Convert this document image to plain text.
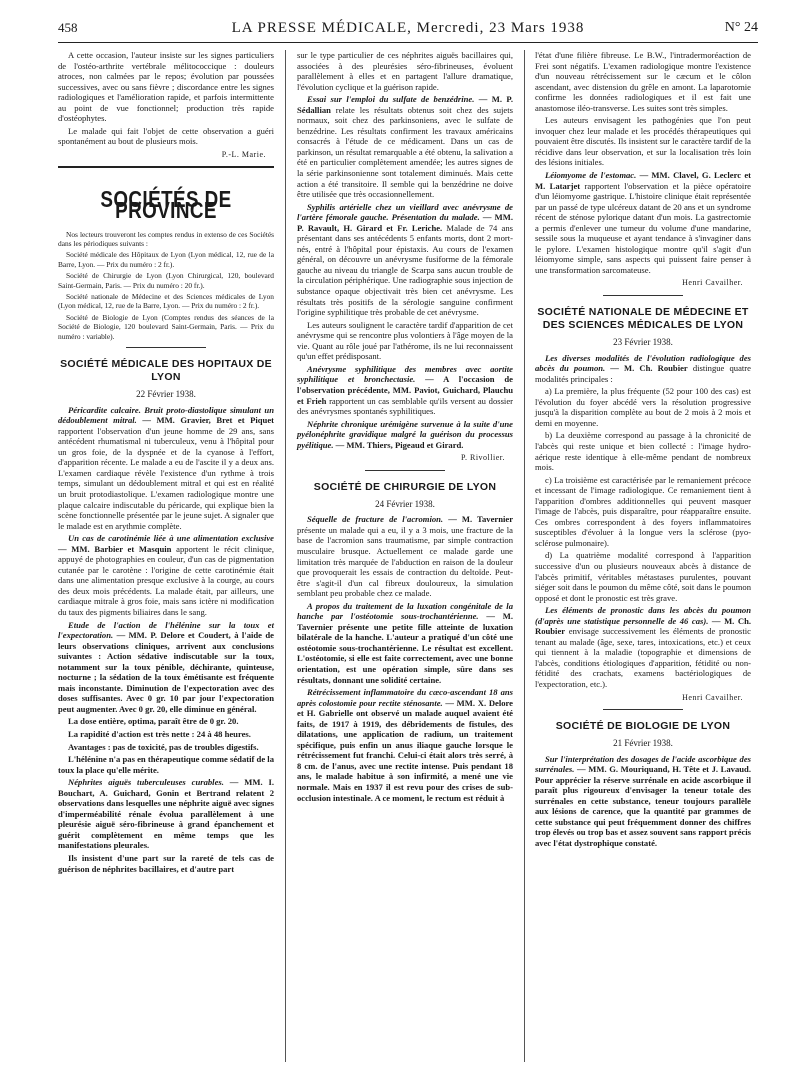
458	LA PRESSE MÉDICALE, Mercredi, 23 Mars 1938	N° 24

A cette occasion, l'auteur insiste sur les signes particuliers de l'ostéo-arthrite vertébrale mélitococcique : douleurs atroces, non calmées par le repos; évolution par poussées successives, avec ou sans fièvre ; discordance entre les signes radiologiques et l'amélioration rapide, et parfois intermittente au point de vue fonctionnel; production très rapide d'ostéophytes.

Le malade qui fait l'objet de cette observation a guéri spontanément au bout de plusieurs mois.

P.-L. Marie.
SOCIÉTÉS DE PROVINCE

Nos lecteurs trouveront les comptes rendus in extenso de ces Sociétés dans les périodiques suivants :

Société médicale des Hôpitaux de Lyon (Lyon médical, 12, rue de la Barre, Lyon. — Prix du numéro : 2 fr.).

Société de Chirurgie de Lyon (Lyon Chirurgical, 120, boulevard Saint-Germain, Paris. — Prix du numéro : 20 fr.).

Société nationale de Médecine et des Sciences médicales de Lyon (Lyon médical, 12, rue de la Barre, Lyon. — Prix du numéro : 2 fr.).

Société de Biologie de Lyon (Comptes rendus des séances de la Société de Biologie, 120 boulevard Saint-Germain, Paris. — Prix du numéro : variable).

SOCIÉTÉ MÉDICALE DES HOPITAUX DE LYON
22 Février 1938.

Péricardite calcaire. Bruit proto-diastolique simulant un dédoublement mitral. — MM. Gravier, Bret et Piquet rapportent l'observation d'un jeune homme de 29 ans, sans antécédent rhumatismal ni tuberculeux, venu à l'hôpital pour un gros foie, de la dyspnée et de la cyanose à l'effort, d'apparition récente. Le malade a eu de l'ascite il y a deux ans. L'examen cardiaque révèle l'existence d'un rythme à trois temps, simulant un dédoublement mitral et qui est en réalité un bruit protodiastolique. L'examen radiologique montre une plaque calcaire indiscutable du péricarde, qui explique bien la scène fonctionnelle présentée par le jeune sujet. A signaler que le malade est en arythmie complète.

Un cas de carotinémie liée à une alimentation exclusive — MM. Barbier et Masquin apportent le récit clinique, appuyé de photographies en couleur, d'un cas de pigmentation cutanée par le carotène : l'origine de cette carotinémie était dans une alimentation presque exclusive à la courge, au cours des deux mois précédents. La malade était, par ailleurs, une cardiaque mitrale à gros foie, mais sans ictère ni modification du taux des pigments biliaires dans le sang.

Etude de l'action de l'hélénine sur la toux et l'expectoration. — MM. P. Delore et Coudert, à l'aide de leurs observations cliniques, arrivent aux conclusions suivantes : Action sédative indiscutable sur la toux, notamment sur la toux pénible, déchirante, quinteuse, nocturne ; la sédation de la toux émétisante est fréquente mais inconstante. Diminution de l'expectoration avec des doses suffisantes. Avec 0 gr. 10 par jour l'expectoration peut augmenter. Avec 0 gr. 20, elle diminue en général.

La dose entière, optima, paraît être de 0 gr. 20.

La rapidité d'action est très nette : 24 à 48 heures.

Avantages : pas de toxicité, pas de troubles digestifs.

L'hélénine n'a pas en thérapeutique comme sédatif de la toux la place qu'elle mérite.

Néphrites aiguës tuberculeuses curables. — MM. I. Bouchart, A. Guichard, Gonin et Bertrand relatent 2 observations dans lesquelles une néphrite aiguë avec signes d'imperméabilité rénale évolua parallèlement à une pleurésie aiguë séro-fibrineuse à grand épanchement et guérit complètement en même temps que les manifestations pleurales.

Ils insistent d'une part sur la rareté de tels cas de guérison de néphrites bacillaires, et d'autre part

sur le type particulier de ces néphrites aiguës bacillaires qui, associées à des pleurésies séro-fibrineuses, évoluent parallèlement à elles et en partagent l'allure dramatique, l'évolution cyclique et la guérison rapide.

Essai sur l'emploi du sulfate de benzédrine. — M. P. Sédallian relate les résultats obtenus soit chez des sujets normaux, soit chez des parkinsoniens, avec le sulfate de benzédrine. Les résultats confirment les travaux américains consacrés à l'étude de ce médicament. Dans un cas de parkinson, un résultat remarquable a été obtenu, la salivation a été en particulier complètement amendée; les autres signes de la série parkinsonienne sont totalement diminués. Mais cette action a été transitoire. Il semble qui la benzédrine ne doive être utilisée que très occasionnellement.

Syphilis artérielle chez un vieillard avec anévrysme de l'artère fémorale gauche. Présentation du malade. — MM. P. Ravault, H. Girard et Fr. Leriche. Malade de 74 ans présentant dans ses antécédents 5 enfants morts, dont 2 mort-nés, entré à l'hôpital pour épistaxis. Au cours de l'examen général, on découvre un anévrysme fusiforme de la fémorale gauche au niveau du triangle de Scarpa sans aucun trouble de la circulation périphérique. Une radiographie sous injection de substance opaque objectivait très bien cet anévrysme. Les résultats très positifs de la sérologie sanguine confirment l'origine syphilitique très probable de cet anévrysme.

Les auteurs soulignent le caractère tardif d'apparition de cet anévrysme qui se rencontre plus volontiers à l'âge moyen de la vie. Quant au rôle joué par l'athérome, ils ne lui reconnaissent qu'un effet prédisposant.

Anévrysme syphilitique des membres avec aortite syphilitique et bronchectasie. — A l'occasion de l'observation précédente, MM. Paviot, Guichard, Plauchu et Frieh rapportent un cas semblable qu'ils versent au dossier des anévrysmes spontanés syphilitiques.

Néphrite chronique urémigène survenue à la suite d'une pyélonéphrite gravidique malgré la guérison du processus pyélitique. — MM. Thiers, Pigeaud et Girard.

P. Rivollier.
SOCIÉTÉ DE CHIRURGIE DE LYON
24 Février 1938.

Séquelle de fracture de l'acromion. — M. Tavernier présente un malade qui a eu, il y a 3 mois, une fracture de la base de l'acromion sans traumatisme, par simple contraction musculaire brusque. Actuellement ce malade garde une limitation très marquée de l'abduction en raison de la douleur que provoquerait les essais de contraction du deltoïde. Peut-être s'agit-il d'un cal fibreux douloureux, la simulation semblant peu probable chez ce malade.

A propos du traitement de la luxation congénitale de la hanche par l'ostéotomie sous-trochantérienne. — M. Tavernier présente une petite fille atteinte de luxation bilatérale de la hanche. L'auteur a pratiqué d'un côté une ostéotomie sous-trochantérienne. Le résultat est excellent. L'ostéotomie, si elle est faite correctement, avec une bonne orientation, est une opération simple, sûre dans ses résultats, donnant une solidité certaine.

Rétrécissement inflammatoire du cæco-ascendant 18 ans après colostomie pour rectite sténosante. — MM. X. Delore et H. Gabrielle ont observé un malade auquel avaient été faits, de 1917 à 1919, des débridements de fistules, des dilatations, une application de radium, un traitement spécifique, puis enfin un anus iliaque gauche lorsque le rétrécissement fut franchi. Celui-ci était alors très serré, à 8 cm. de l'anus, avec une rectite intense. Puis pendant 18 ans, le malade habitue à son infirmité, a mené une vie normale. Mais en 1937 il est revu pour des crises de sub-occlusion intestinale. A ce moment, le rectum est réduit à

l'état d'une filière fibreuse. Le B.W., l'intradermoréaction de Frei sont négatifs. L'examen radiologique montre l'existence d'un nouveau rétrécissement sur le cæcum et le côlon ascendant, avec distension du grêle en amont. La laparotomie confirme les données radiologiques et il est fait une anastomose iléo-transverse. Les suites sont très simples.

Les auteurs envisagent les pathogénies que l'on peut invoquer chez leur malade et les procédés thérapeutiques qui pouvaient être discutés. Ils insistent sur le caractère tardif de la récidive dans leur observation, et sur la localisation très loin des lésions initiales.

Léiomyome de l'estomac. — MM. Clavel, G. Leclerc et M. Latarjet rapportent l'observation et la pièce opératoire d'un léiomyome gastrique. L'histoire clinique était représentée par un passé de type ulcéreux datant de 20 ans et un syndrome récent de sténose pylorique datant d'un mois. La gastrectomie a permis d'enlever une tumeur du volume d'une mandarine, sessile sous la muqueuse et ayant tendance à s'invaginer dans le pylore. L'examen histologique montre qu'il s'agit d'un léiomyome simple, sans aspects qui puissent faire penser à une transformation sarcomateuse.

Henri Cavailher.
SOCIÉTÉ NATIONALE DE MÉDECINE ET DES SCIENCES MÉDICALES DE LYON
23 Février 1938.

Les diverses modalités de l'évolution radiologique des abcès du poumon. — M. Ch. Roubier distingue quatre modalités principales :

a) La première, la plus fréquente (52 pour 100 des cas) est l'évolution du foyer abcédé vers la résolution progressive jusqu'à la disparition complète au bout de 2 mois à 2 mois et demi en moyenne.

b) La deuxième correspond au passage à la chronicité de l'abcès qui reste unique et bien collecté : l'image hydro-aérique reste identique à elle-même pendant de nombreux mois.

c) La troisième est caractérisée par le remaniement précoce et incessant de l'image radiologique. Ce remaniement tient à l'apparition d'ombres additionnelles qui peuvent masquer l'image de l'abcès, puis disparaître, pour réapparaître ensuite. Ces ombres correspondent à des foyers inflammatoires susceptibles d'évoluer à la longue vers la sclérose (pyo-sclérose pulmonaire).

d) La quatrième modalité correspond à l'apparition successive d'un ou plusieurs nouveaux abcès à distance de l'abcès primitif, véritables métastases purulentes, pouvant siéger soit dans le poumon du même côté, soit dans le poumon opposé et dont le pronostic est très grave.

Les éléments de pronostic dans les abcès du poumon (d'après une statistique personnelle de 46 cas). — M. Ch. Roubier envisage successivement les éléments de pronostic tenant au malade (âge, sexe, tares, intoxications, etc.) et ceux qui tiennent à la maladie (topographie et dimensions de l'abcès, conditions étiologiques d'apparition, fétidité ou non-fétidité des crachats, examens bactériologiques de l'expectoration, etc.).

Henri Cavailher.
SOCIÉTÉ DE BIOLOGIE DE LYON
21 Février 1938.

Sur l'interprétation des dosages de l'acide ascorbique des surrénales. — MM. G. Mouriquand, H. Tête et J. Lavaud. Pour apprécier la réserve surrénale en acide ascorbique il paraît plus rigoureux d'envisager la teneur totale des surrénales en cette substance, teneur toujours parallèle aux lésions de carence, que la quantité par grammes de cette substance qui peut fréquemment donner des chiffres trop élevés ou trop bas et assez souvent sans rapport précis avec l'état dystrophique constaté.
